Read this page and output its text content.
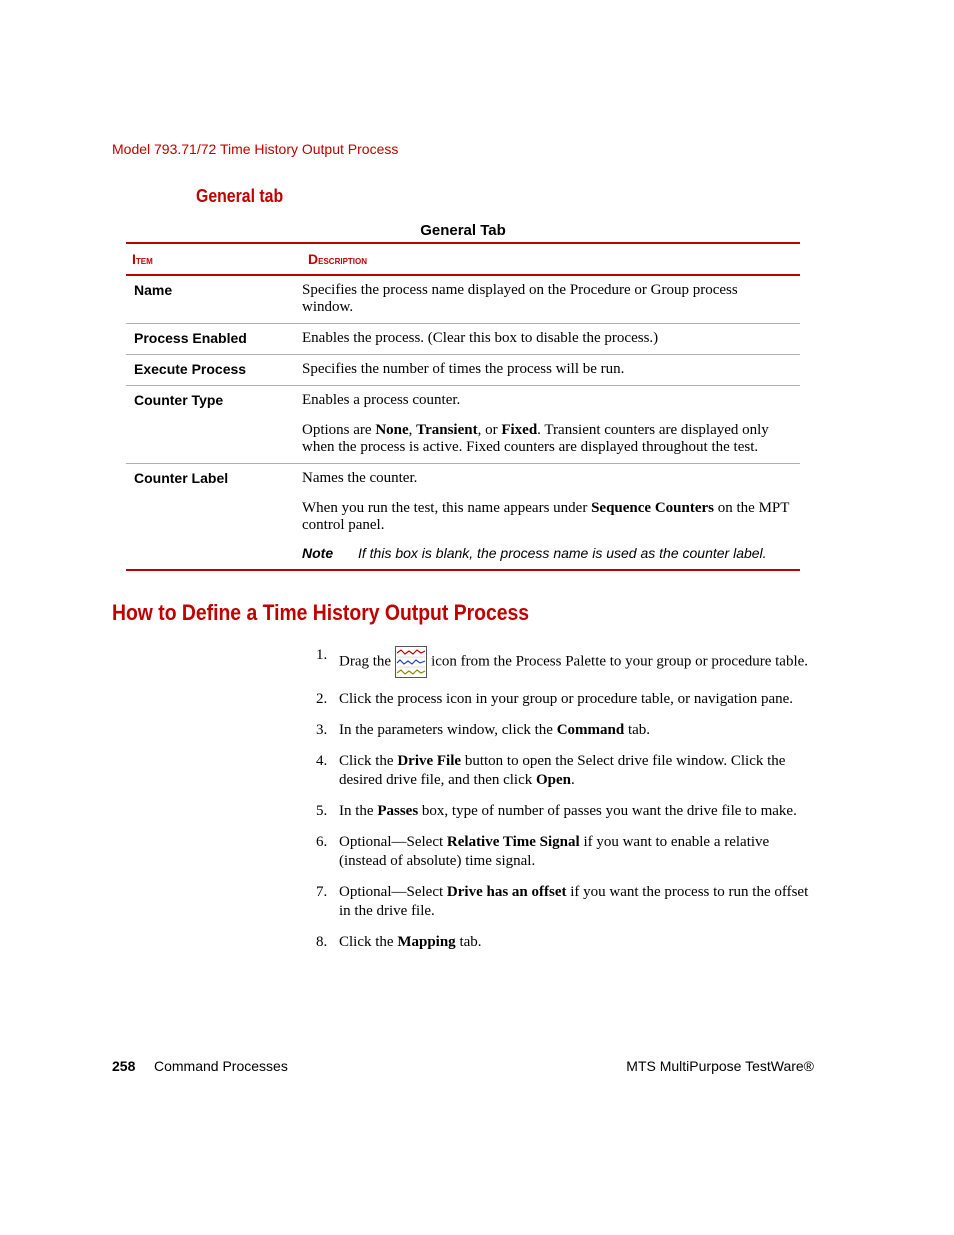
Model 793.71/72 Time History Output Process
General tab
General Tab
Item	Description
Name	Specifies the process name displayed on the Procedure or Group process window.

Process Enabled	Enables the process. (Clear this box to disable the process.)

Execute Process	Specifies the number of times the process will be run.

Counter Type	Enables a process counter.

Options are None, Transient, or Fixed. Transient counters are displayed only when the process is active. Fixed counters are displayed throughout the test.

Counter Label	Names the counter.

When you run the test, this name appears under Sequence Counters on the MPT control panel.

Note If this box is blank, the process name is used as the counter label.
How to Define a Time History Output Process
1. Drag the	icon from the Process Palette to your group or procedure table.
2. Click the process icon in your group or procedure table, or navigation pane.
3. In the parameters window, click the Command tab.
4. Click the Drive File button to open the Select drive file window. Click the desired drive file, and then click Open.
5. In the Passes box, type of number of passes you want the drive file to make.
6. Optional—Select Relative Time Signal if you want to enable a relative (instead of absolute) time signal.
7. Optional—Select Drive has an offset if you want the process to run the offset in the drive file.
8. Click the Mapping tab.
258 Command Processes	MTS MultiPurpose TestWare®
